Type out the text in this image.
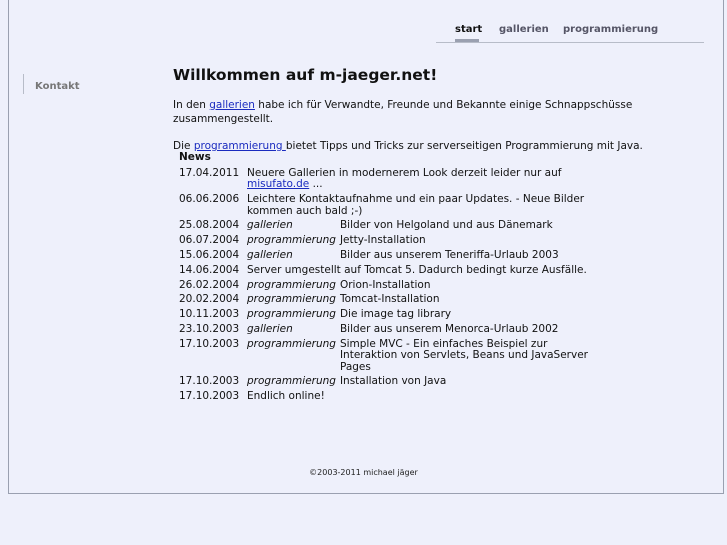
start gallerien programmierung
Kontakt
Willkommen auf m-jaeger.net!

In den gallerien habe ich für Verwandte, Freunde und Bekannte einige Schnappschüsse zusammengestellt.

Die programmierung bietet Tipps und Tricks zur serverseitigen Programmierung mit Java.

News
17.04.2011	Neuere Gallerien in modernerem Look derzeit leider nur auf misufato.de ...	
06.06.2006	Leichtere Kontaktaufnahme und ein paar Updates. - Neue Bilder kommen auch bald ;-)	
25.08.2004	gallerien	Bilder von Helgoland und aus Dänemark
06.07.2004	programmierung	Jetty-Installation
15.06.2004	gallerien	Bilder aus unserem Teneriffa-Urlaub 2003
14.06.2004	Server umgestellt auf Tomcat 5. Dadurch bedingt kurze Ausfälle.	
26.02.2004	programmierung	Orion-Installation
20.02.2004	programmierung	Tomcat-Installation
10.11.2003	programmierung	Die image tag library
23.10.2003	gallerien	Bilder aus unserem Menorca-Urlaub 2002
17.10.2003	programmierung	Simple MVC - Ein einfaches Beispiel zur Interaktion von Servlets, Beans und JavaServer Pages
17.10.2003	programmierung	Installation von Java
17.10.2003	Endlich online!	
©2003-2011 michael jäger
